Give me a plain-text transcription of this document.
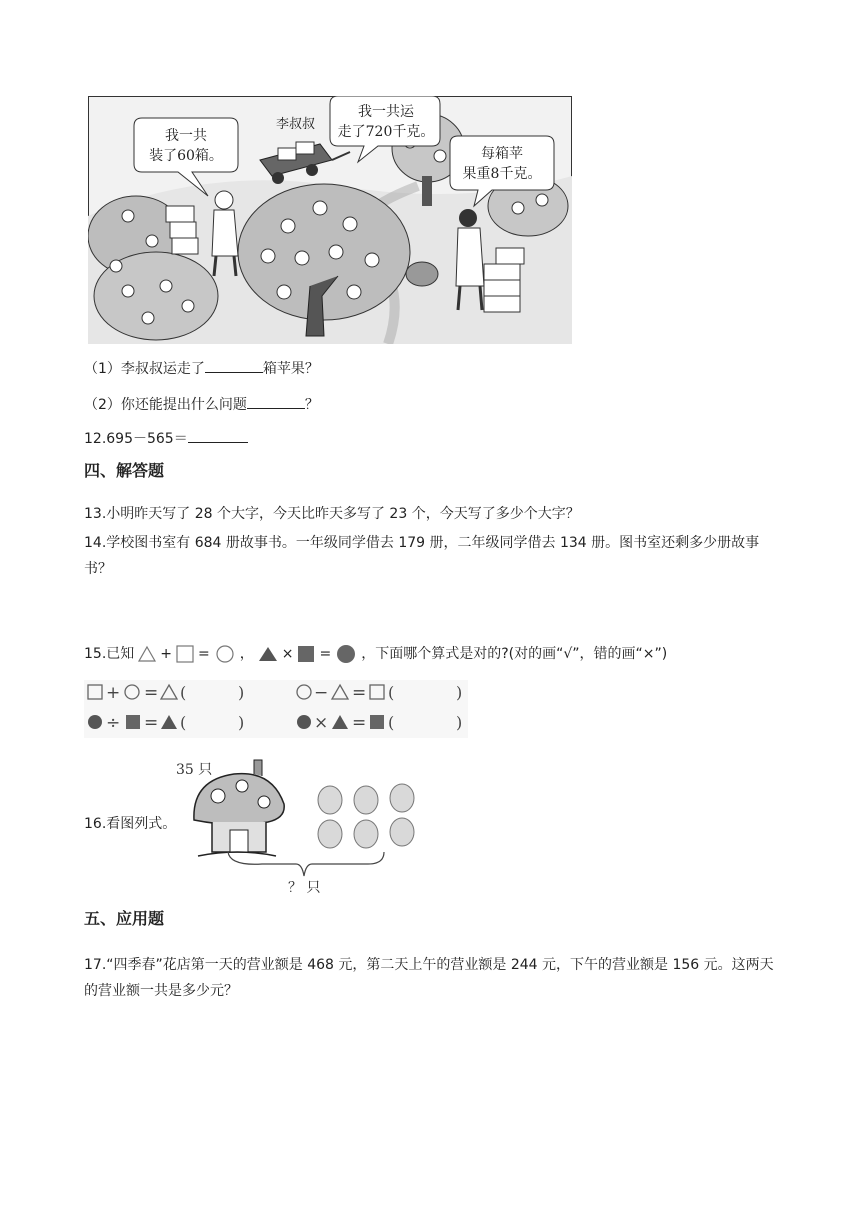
我一共
装了60箱。
李叔叔
我一共运
走了720千克。
每箱苹
果重8千克。
（1）李叔叔运走了	箱苹果？
（2）你还能提出什么问题	？
12.695－565＝
四、解答题
13.小明昨天写了 28 个大字，今天比昨天多写了 23 个，今天写了多少个大字？
14.学校图书室有 684 册故事书。一年级同学借去 179 册，二年级同学借去 134 册。图书室还剩多少册故事书？
15.已知 + = ， × = ，下面哪个算式是对的?(对的画“√”，错的画“×”)
+ = (	)	− = (	)
÷ = (	)	× = (	)
16.看图列式。
35 只
？ 只
五、应用题
17.“四季春”花店第一天的营业额是 468 元，第二天上午的营业额是 244 元，下午的营业额是 156 元。这两天的营业额一共是多少元？
